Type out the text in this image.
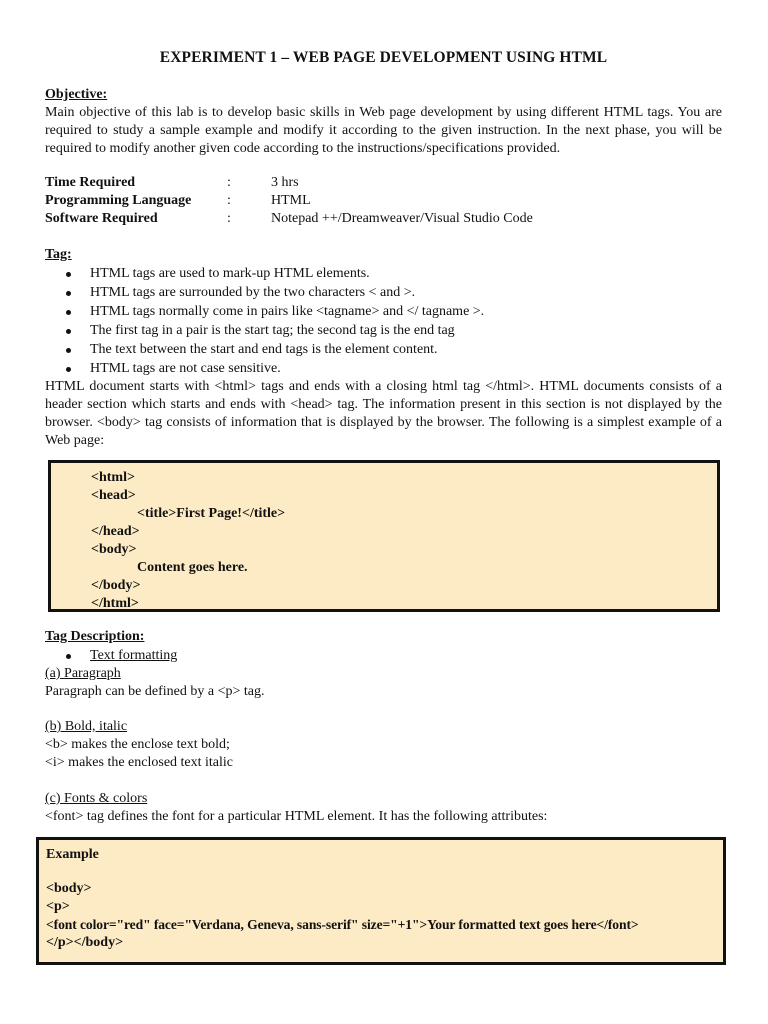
EXPERIMENT 1 – WEB PAGE DEVELOPMENT USING HTML
Objective:
Main objective of this lab is to develop basic skills in Web page development by using different HTML tags. You are required to study a sample example and modify it according to the given instruction. In the next phase, you will be required to modify another given code according to the instructions/specifications provided.
Time Required	:	3 hrs
Programming Language	:	HTML
Software Required	:	Notepad ++/Dreamweaver/Visual Studio Code
Tag:
HTML tags are used to mark-up HTML elements.
HTML tags are surrounded by the two characters < and >.
HTML tags normally come in pairs like <tagname> and </ tagname >.
The first tag in a pair is the start tag; the second tag is the end tag
The text between the start and end tags is the element content.
HTML tags are not case sensitive.
HTML document starts with <html> tags and ends with a closing html tag </html>. HTML documents consists of a header section which starts and ends with <head> tag. The information present in this section is not displayed by the browser. <body> tag consists of information that is displayed by the browser. The following is a simplest example of a Web page:
<html>
<head>
<title>First Page!</title>
</head>
<body>
Content goes here.
</body>
</html>
Tag Description:
Text formatting
(a) Paragraph
Paragraph can be defined by a <p> tag.
(b) Bold, italic
<b> makes the enclose text bold;
<i> makes the enclosed text italic
(c) Fonts & colors
<font> tag defines the font for a particular HTML element. It has the following attributes:
Example
<body>
<p>
<font color="red" face="Verdana, Geneva, sans-serif" size="+1">Your formatted text goes here</font>
</p></body>
